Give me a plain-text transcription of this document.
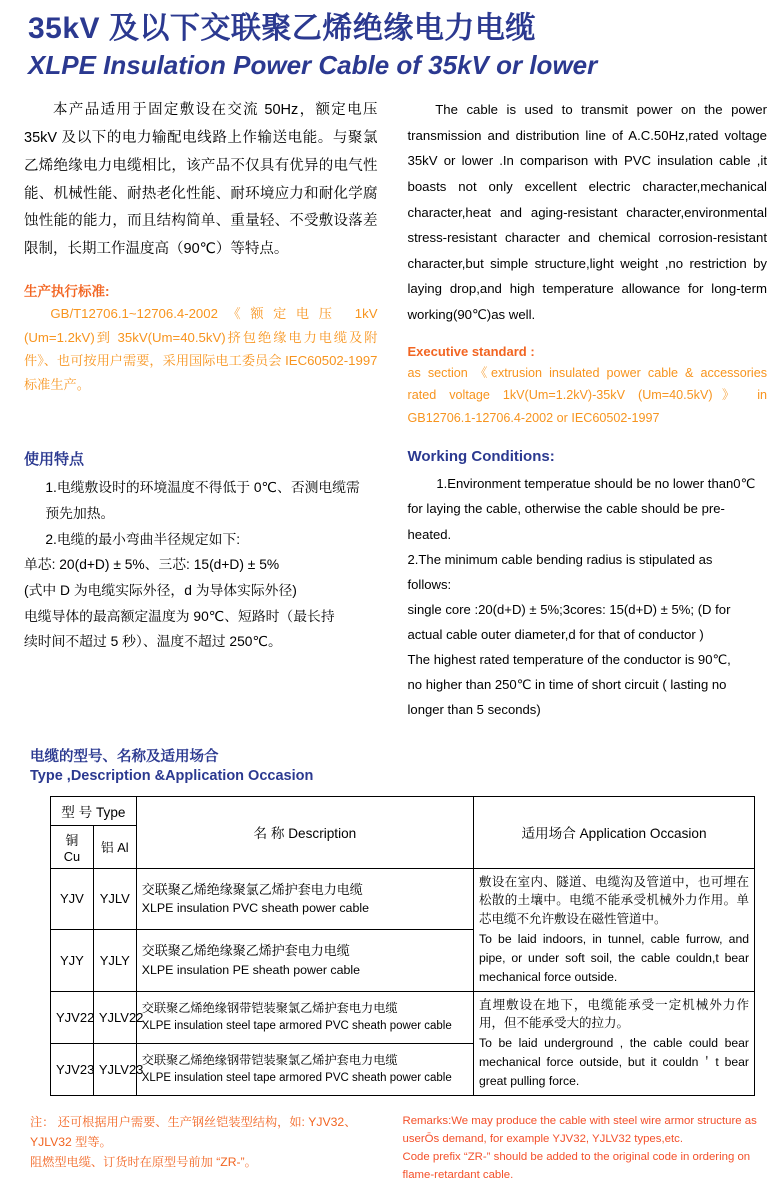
35kV 及以下交联聚乙烯绝缘电力电缆
XLPE Insulation Power Cable of 35kV or lower
本产品适用于固定敷设在交流 50Hz，额定电压 35kV 及以下的电力输配电线路上作输送电能。与聚氯乙烯绝缘电力电缆相比，该产品不仅具有优异的电气性能、机械性能、耐热老化性能、耐环境应力和耐化学腐蚀性能的能力，而且结构简单、重量轻、不受敷设落差限制，长期工作温度高（90℃）等特点。
生产执行标准:
GB/T12706.1~12706.4-2002《额定电压 1kV (Um=1.2kV)到 35kV(Um=40.5kV)挤包绝缘电力电缆及附件》、也可按用户需要，采用国际电工委员会 IEC60502-1997 标准生产。
The cable is used to transmit power on the power transmission and distribution line of A.C.50Hz,rated voltage 35kV or lower .In comparison with PVC insulation cable ,it boasts not only excellent electric character,mechanical character,heat and aging-resistant character,environmental stress-resistant character and chemical corrosion-resistant character,but simple structure,light weight ,no restriction by laying drop,and high temperature allowance for long-term working(90℃)as well.
Executive standard :
as section 《extrusion insulated power cable & accessories rated voltage 1kV(Um=1.2kV)-35kV (Um=40.5kV)》 in GB12706.1-12706.4-2002 or IEC60502-1997
使用特点
1.电缆敷设时的环境温度不得低于 0℃、否测电缆需
预先加热。
2.电缆的最小弯曲半径规定如下:
单芯: 20(d+D) ± 5%、三芯: 15(d+D) ± 5%
(式中 D 为电缆实际外径，d 为导体实际外径)
电缆导体的最高额定温度为 90℃、短路时（最长持
续时间不超过 5 秒）、温度不超过 250℃。
Working Conditions:
1.Environment temperatue should be no lower than0℃
for laying the cable, otherwise the cable should be pre-
heated.
2.The minimum cable bending radius is stipulated as
follows:
single core :20(d+D) ± 5%;3cores: 15(d+D) ± 5%; (D for
actual cable outer diameter,d for that of conductor )
The highest rated temperature of the conductor is 90℃,
no higher than 250℃ in time of short circuit ( lasting no
longer than 5 seconds)
电缆的型号、名称及适用场合
Type ,Description &Application Occasion
型 号 Type		名 称 Description	适用场合 Application Occasion
铜 Cu	铝 Al		
YJV	YJLV	
交联聚乙烯绝缘聚氯乙烯护套电力电缆
XLPE insulation PVC sheath power cable

敷设在室内、隧道、电缆沟及管道中，也可埋在松散的土壤中。电缆不能承受机械外力作用。单芯电缆不允许敷设在磁性管道中。
To be laid indoors, in tunnel, cable furrow, and pipe, or under soft soil, the cable couldn,t bear mechanical force outside.

YJY	YJLY	交联聚乙烯绝缘聚乙烯护套电力电缆
XLPE insulation PE sheath power cable	

YJV22	YJLV22	
交联聚乙烯绝缘钢带铠装聚氯乙烯护套电力电缆
XLPE insulation steel tape armored PVC sheath power cable

直埋敷设在地下，电缆能承受一定机械外力作用，但不能承受大的拉力。
To be laid underground , the cable could bear mechanical force outside, but it couldn＇t bear great pulling force.

YJV23	YJLV23	交联聚乙烯绝缘钢带铠装聚氯乙烯护套电力电缆
XLPE insulation steel tape armored PVC sheath power cable	
注： 还可根据用户需要、生产钢丝铠装型结构，如: YJV32、YJLV32 型等。
阻燃型电缆、订货时在原型号前加 “ZR-”。
Remarks:We may produce the cable with steel wire armor structure as userŌs demand, for example YJV32, YJLV32 types,etc.
Code prefix “ZR-” should be added to the original code in ordering on flame-retardant cable.
